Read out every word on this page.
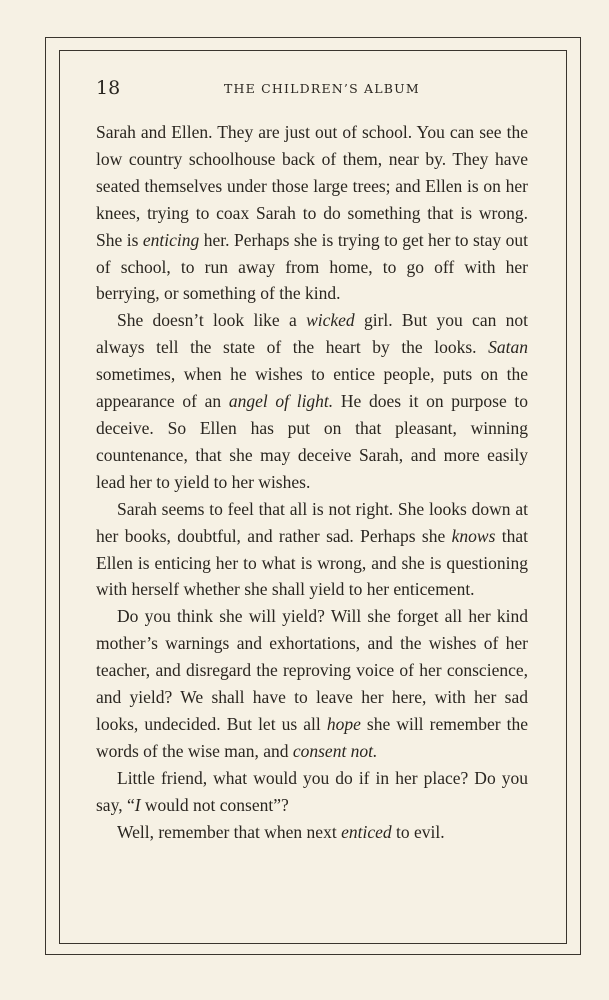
18	THE CHILDREN’S ALBUM

Sarah and Ellen. They are just out of school. You can see the low country schoolhouse back of them, near by. They have seated themselves under those large trees; and Ellen is on her knees, trying to coax Sarah to do something that is wrong. She is enticing her. Perhaps she is trying to get her to stay out of school, to run away from home, to go off with her berrying, or something of the kind.

She doesn’t look like a wicked girl. But you can not always tell the state of the heart by the looks. Satan sometimes, when he wishes to entice people, puts on the appearance of an angel of light. He does it on purpose to deceive. So Ellen has put on that pleasant, winning countenance, that she may deceive Sarah, and more easily lead her to yield to her wishes.

Sarah seems to feel that all is not right. She looks down at her books, doubtful, and rather sad. Perhaps she knows that Ellen is enticing her to what is wrong, and she is questioning with herself whether she shall yield to her enticement.

Do you think she will yield? Will she forget all her kind mother’s warnings and exhortations, and the wishes of her teacher, and disregard the reproving voice of her conscience, and yield? We shall have to leave her here, with her sad looks, undecided. But let us all hope she will remember the words of the wise man, and consent not.

Little friend, what would you do if in her place? Do you say, “I would not consent”?

Well, remember that when next enticed to evil.
